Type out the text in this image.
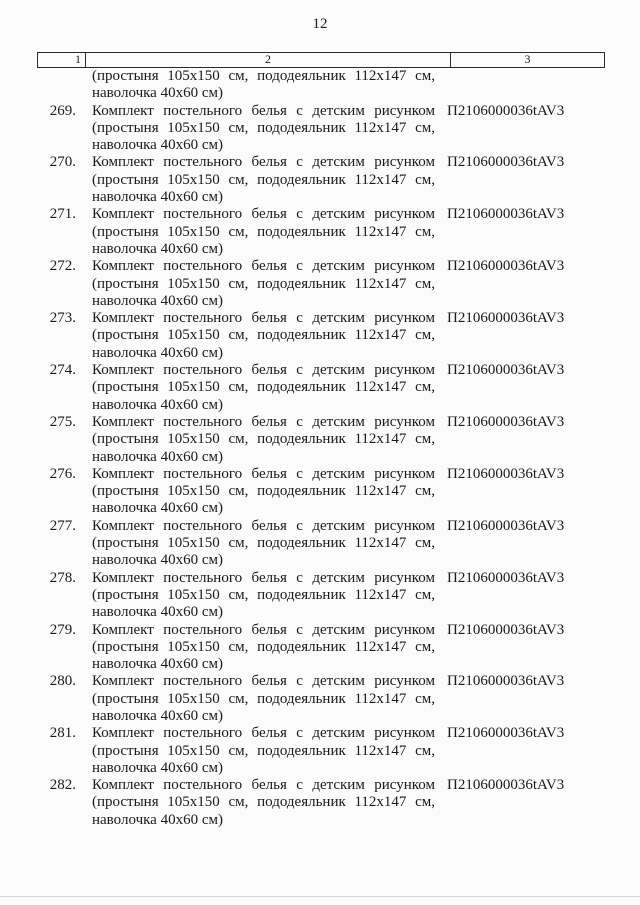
12
1	2	3
(простыня 105x150 см, пододеяльник 112x147 см,
наволочка 40x60 см)
269. Комплект постельного белья с детским рисунком
(простыня 105x150 см, пододеяльник 112x147 см,
наволочка 40x60 см)
П2106000036tAV3
270. Комплект постельного белья с детским рисунком
(простыня 105x150 см, пододеяльник 112x147 см,
наволочка 40x60 см)
П2106000036tAV3
271. Комплект постельного белья с детским рисунком
(простыня 105x150 см, пододеяльник 112x147 см,
наволочка 40x60 см)
П2106000036tAV3
272. Комплект постельного белья с детским рисунком
(простыня 105x150 см, пододеяльник 112x147 см,
наволочка 40x60 см)
П2106000036tAV3
273. Комплект постельного белья с детским рисунком
(простыня 105x150 см, пододеяльник 112x147 см,
наволочка 40x60 см)
П2106000036tAV3
274. Комплект постельного белья с детским рисунком
(простыня 105x150 см, пододеяльник 112x147 см,
наволочка 40x60 см)
П2106000036tAV3
275. Комплект постельного белья с детским рисунком
(простыня 105x150 см, пододеяльник 112x147 см,
наволочка 40x60 см)
П2106000036tAV3
276. Комплект постельного белья с детским рисунком
(простыня 105x150 см, пододеяльник 112x147 см,
наволочка 40x60 см)
П2106000036tAV3
277. Комплект постельного белья с детским рисунком
(простыня 105x150 см, пододеяльник 112x147 см,
наволочка 40x60 см)
П2106000036tAV3
278. Комплект постельного белья с детским рисунком
(простыня 105x150 см, пододеяльник 112x147 см,
наволочка 40x60 см)
П2106000036tAV3
279. Комплект постельного белья с детским рисунком
(простыня 105x150 см, пододеяльник 112x147 см,
наволочка 40x60 см)
П2106000036tAV3
280. Комплект постельного белья с детским рисунком
(простыня 105x150 см, пододеяльник 112x147 см,
наволочка 40x60 см)
П2106000036tAV3
281. Комплект постельного белья с детским рисунком
(простыня 105x150 см, пододеяльник 112x147 см,
наволочка 40x60 см)
П2106000036tAV3
282. Комплект постельного белья с детским рисунком
(простыня 105x150 см, пододеяльник 112x147 см,
наволочка 40x60 см)
П2106000036tAV3
